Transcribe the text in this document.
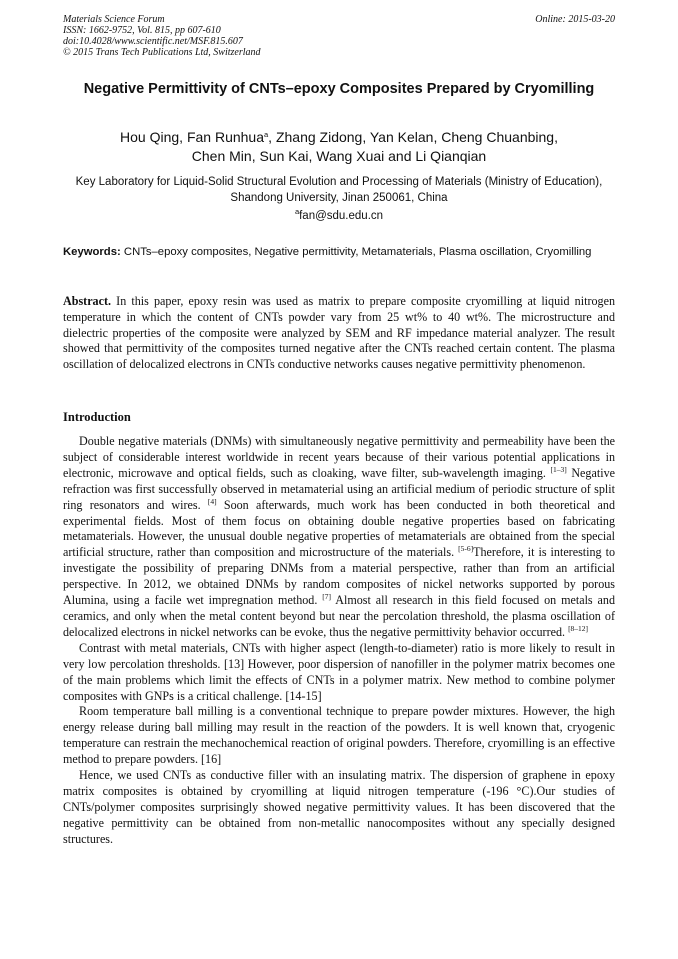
Materials Science Forum
ISSN: 1662-9752, Vol. 815, pp 607-610
doi:10.4028/www.scientific.net/MSF.815.607
© 2015 Trans Tech Publications Ltd, Switzerland
Online: 2015-03-20
Negative Permittivity of CNTs–epoxy Composites Prepared by Cryomilling
Hou Qing, Fan Runhua$^a$, Zhang Zidong, Yan Kelan, Cheng Chuanbing,
Chen Min, Sun Kai, Wang Xuai and Li Qianqian
Key Laboratory for Liquid-Solid Structural Evolution and Processing of Materials (Ministry of Education), Shandong University, Jinan 250061, China
$^a$fan@sdu.edu.cn
Keywords: CNTs–epoxy composites, Negative permittivity, Metamaterials, Plasma oscillation, Cryomilling
Abstract. In this paper, epoxy resin was used as matrix to prepare composite cryomilling at liquid nitrogen temperature in which the content of CNTs powder vary from 25 wt% to 40 wt%. The microstructure and dielectric properties of the composite were analyzed by SEM and RF impedance material analyzer. The result showed that permittivity of the composites turned negative after the CNTs reached certain content. The plasma oscillation of delocalized electrons in CNTs conductive networks causes negative permittivity phenomenon.
Introduction

Double negative materials (DNMs) with simultaneously negative permittivity and permeability have been the subject of considerable interest worldwide in recent years because of their various potential applications in electronic, microwave and optical fields, such as cloaking, wave filter, sub-wavelength imaging. [1–3] Negative refraction was first successfully observed in metamaterial using an artificial medium of periodic structure of split ring resonators and wires. [4] Soon afterwards, much work has been conducted in both theoretical and experimental fields. Most of them focus on obtaining double negative properties based on fabricating metamaterials. However, the unusual double negative properties of metamaterials are obtained from the special artificial structure, rather than composition and microstructure of the materials. [5-6]Therefore, it is interesting to investigate the possibility of preparing DNMs from a material perspective, rather than from an artificial perspective. In 2012, we obtained DNMs by random composites of nickel networks supported by porous Alumina, using a facile wet impregnation method. [7] Almost all research in this field focused on metals and ceramics, and only when the metal content beyond but near the percolation threshold, the plasma oscillation of delocalized electrons in nickel networks can be evoke, thus the negative permittivity behavior occurred. [8–12]

Contrast with metal materials, CNTs with higher aspect (length-to-diameter) ratio is more likely to result in very low percolation thresholds. [13] However, poor dispersion of nanofiller in the polymer matrix becomes one of the main problems which limit the effects of CNTs in a polymer matrix. New method to combine polymer composites with GNPs is a critical challenge. [14-15]

Room temperature ball milling is a conventional technique to prepare powder mixtures. However, the high energy release during ball milling may result in the reaction of the powders. It is well known that, cryogenic temperature can restrain the mechanochemical reaction of original powders. Therefore, cryomilling is an effective method to prepare powders. [16]

Hence, we used CNTs as conductive filler with an insulating matrix. The dispersion of graphene in epoxy matrix composites is obtained by cryomilling at liquid nitrogen temperature (-196 °C).Our studies of CNTs/polymer composites surprisingly showed negative permittivity values. It has been discovered that the negative permittivity can be obtained from non-metallic nanocomposites without any specially designed structures.
